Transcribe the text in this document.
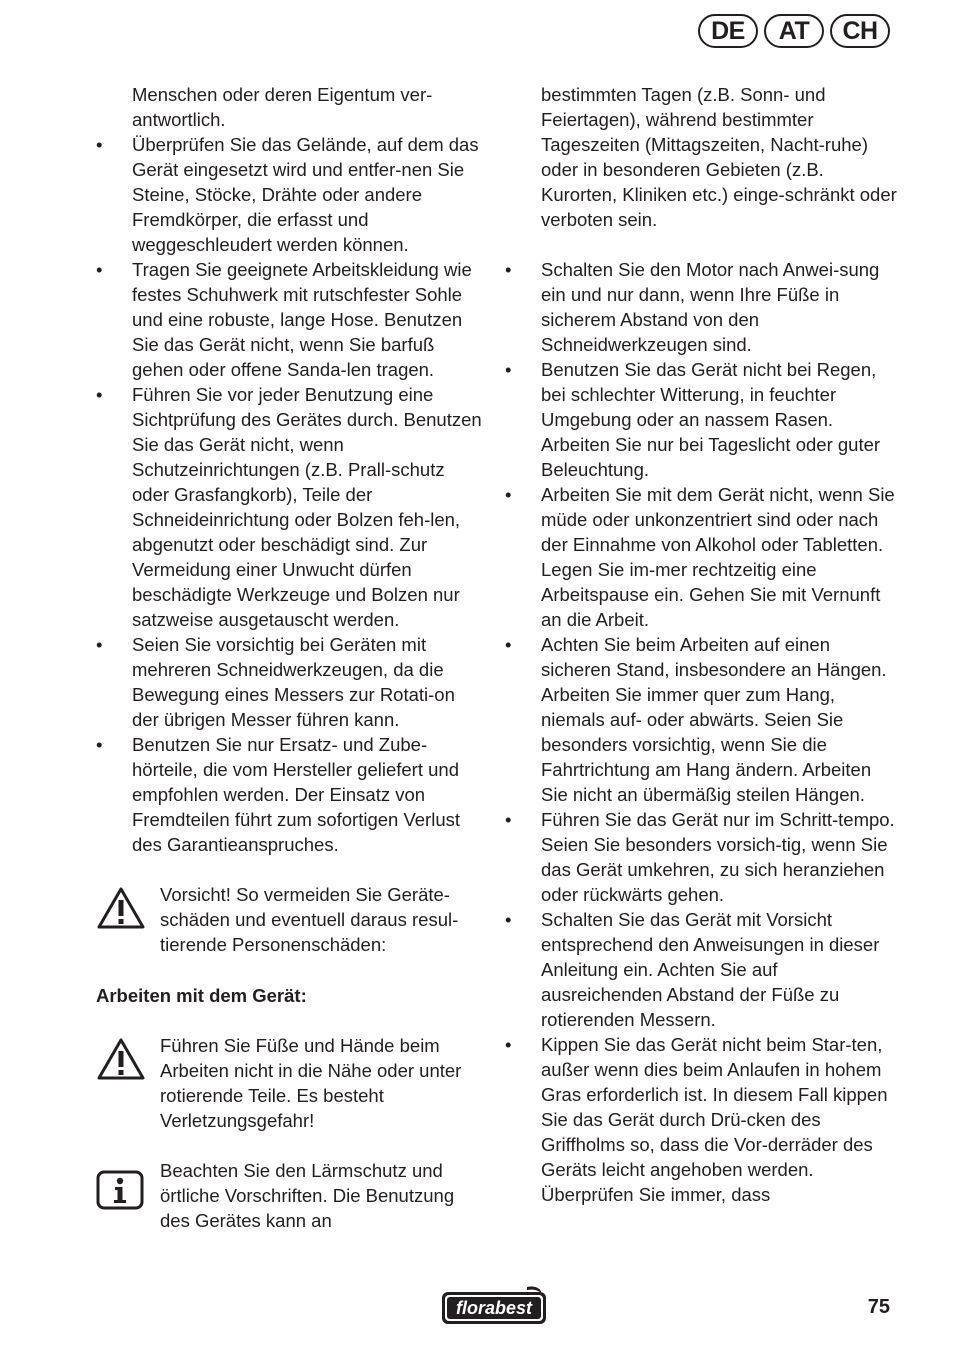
DE	AT	CH
Menschen oder deren Eigentum ver-antwortlich.
• Überprüfen Sie das Gelände, auf dem das Gerät eingesetzt wird und entfer-nen Sie Steine, Stöcke, Drähte oder andere Fremdkörper, die erfasst und weggeschleudert werden können.
• Tragen Sie geeignete Arbeitskleidung wie festes Schuhwerk mit rutschfester Sohle und eine robuste, lange Hose. Benutzen Sie das Gerät nicht, wenn Sie barfuß gehen oder offene Sanda-len tragen.
• Führen Sie vor jeder Benutzung eine Sichtprüfung des Gerätes durch. Benutzen Sie das Gerät nicht, wenn Schutzeinrichtungen (z.B. Prall-schutz oder Grasfangkorb), Teile der Schneideinrichtung oder Bolzen feh-len, abgenutzt oder beschädigt sind. Zur Vermeidung einer Unwucht dürfen beschädigte Werkzeuge und Bolzen nur satzweise ausgetauscht werden.
• Seien Sie vorsichtig bei Geräten mit mehreren Schneidwerkzeugen, da die Bewegung eines Messers zur Rotati-on der übrigen Messer führen kann.
• Benutzen Sie nur Ersatz- und Zube-hörteile, die vom Hersteller geliefert und empfohlen werden. Der Einsatz von Fremdteilen führt zum sofortigen Verlust des Garantieanspruches.
Vorsicht! So vermeiden Sie Geräte-schäden und eventuell daraus resul-tierende Personenschäden:
Arbeiten mit dem Gerät:
Führen Sie Füße und Hände beim Arbeiten nicht in die Nähe oder unter rotierende Teile. Es besteht Verletzungsgefahr!
Beachten Sie den Lärmschutz und örtliche Vorschriften. Die Benutzung des Gerätes kann an
bestimmten Tagen (z.B. Sonn- und Feiertagen), während bestimmter Tageszeiten (Mittagszeiten, Nacht-ruhe) oder in besonderen Gebieten (z.B. Kurorten, Kliniken etc.) einge-schränkt oder verboten sein.
• Schalten Sie den Motor nach Anwei-sung ein und nur dann, wenn Ihre Füße in sicherem Abstand von den Schneidwerkzeugen sind.
• Benutzen Sie das Gerät nicht bei Regen, bei schlechter Witterung, in feuchter Umgebung oder an nassem Rasen. Arbeiten Sie nur bei Tageslicht oder guter Beleuchtung.
• Arbeiten Sie mit dem Gerät nicht, wenn Sie müde oder unkonzentriert sind oder nach der Einnahme von Alkohol oder Tabletten. Legen Sie im-mer rechtzeitig eine Arbeitspause ein. Gehen Sie mit Vernunft an die Arbeit.
• Achten Sie beim Arbeiten auf einen sicheren Stand, insbesondere an Hängen. Arbeiten Sie immer quer zum Hang, niemals auf- oder abwärts. Seien Sie besonders vorsichtig, wenn Sie die Fahrtrichtung am Hang ändern. Arbeiten Sie nicht an übermäßig steilen Hängen.
• Führen Sie das Gerät nur im Schritt-tempo. Seien Sie besonders vorsich-tig, wenn Sie das Gerät umkehren, zu sich heranziehen oder rückwärts gehen.
• Schalten Sie das Gerät mit Vorsicht entsprechend den Anweisungen in dieser Anleitung ein. Achten Sie auf ausreichenden Abstand der Füße zu rotierenden Messern.
• Kippen Sie das Gerät nicht beim Star-ten, außer wenn dies beim Anlaufen in hohem Gras erforderlich ist. In diesem Fall kippen Sie das Gerät durch Drü-cken des Griffholms so, dass die Vor-derräder des Geräts leicht angehoben werden. Überprüfen Sie immer, dass
florabest	75
